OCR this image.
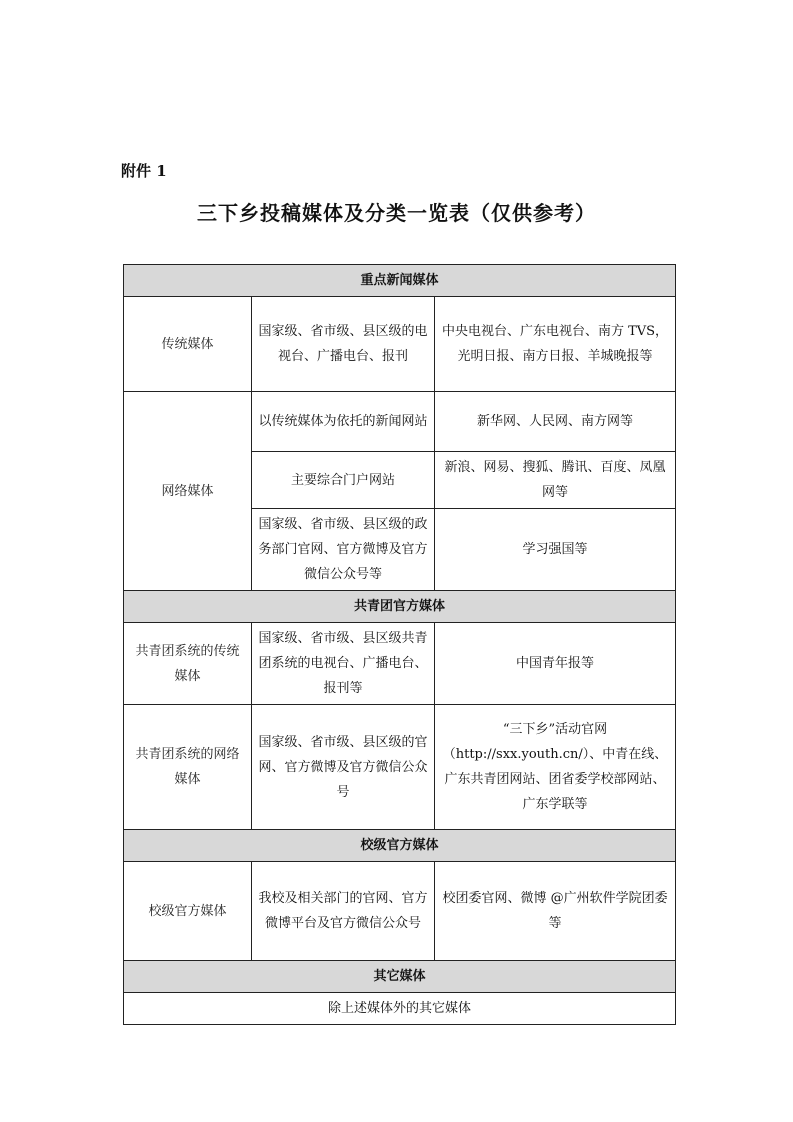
附件 1
三下乡投稿媒体及分类一览表（仅供参考）
重点新闻媒体		
传统媒体	国家级、省市级、县区级的电视台、广播电台、报刊	中央电视台、广东电视台、南方 TVS，光明日报、南方日报、羊城晚报等
网络媒体	以传统媒体为依托的新闻网站	新华网、人民网、南方网等
	主要综合门户网站	新浪、网易、搜狐、腾讯、百度、凤凰网等
	国家级、省市级、县区级的政务部门官网、官方微博及官方微信公众号等	学习强国等
共青团官方媒体		
共青团系统的传统媒体	国家级、省市级、县区级共青团系统的电视台、广播电台、报刊等	中国青年报等
共青团系统的网络媒体	国家级、省市级、县区级的官网、官方微博及官方微信公众号	“三下乡”活动官网（http://sxx.youth.cn/）、中青在线、广东共青团网站、团省委学校部网站、广东学联等
校级官方媒体		
校级官方媒体	我校及相关部门的官网、官方微博平台及官方微信公众号	校团委官网、微博 @广州软件学院团委等
其它媒体		
除上述媒体外的其它媒体		
